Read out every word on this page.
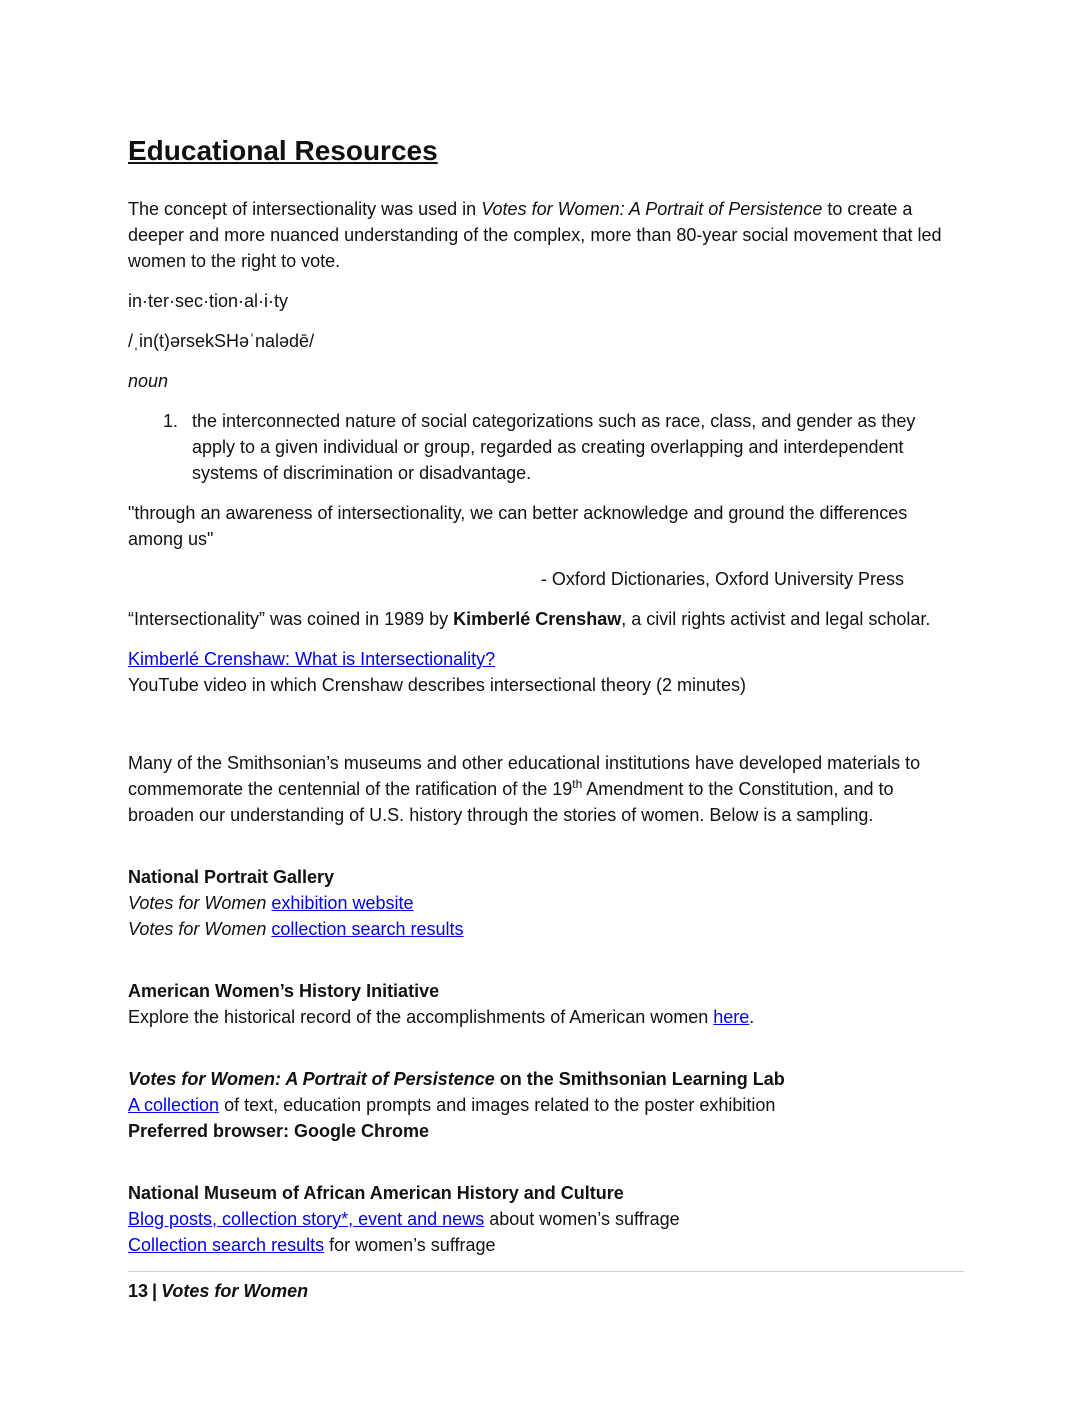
Educational Resources

The concept of intersectionality was used in Votes for Women: A Portrait of Persistence to create a deeper and more nuanced understanding of the complex, more than 80-year social movement that led women to the right to vote.

in·ter·sec·tion·al·i·ty

/ˌin(t)ərsekSHəˈnalədē/

noun

1. the interconnected nature of social categorizations such as race, class, and gender as they apply to a given individual or group, regarded as creating overlapping and interdependent systems of discrimination or disadvantage.

"through an awareness of intersectionality, we can better acknowledge and ground the differences among us"

- Oxford Dictionaries, Oxford University Press

“Intersectionality” was coined in 1989 by Kimberlé Crenshaw, a civil rights activist and legal scholar.

Kimberlé Crenshaw: What is Intersectionality?

YouTube video in which Crenshaw describes intersectional theory (2 minutes)

Many of the Smithsonian’s museums and other educational institutions have developed materials to commemorate the centennial of the ratification of the 19th Amendment to the Constitution, and to broaden our understanding of U.S. history through the stories of women. Below is a sampling.

National Portrait Gallery

Votes for Women exhibition website

Votes for Women collection search results

American Women’s History Initiative

Explore the historical record of the accomplishments of American women here.

Votes for Women: A Portrait of Persistence on the Smithsonian Learning Lab

A collection of text, education prompts and images related to the poster exhibition

Preferred browser: Google Chrome

National Museum of African American History and Culture

Blog posts, collection story*, event and news about women’s suffrage

Collection search results for women’s suffrage

13 | Votes for Women
